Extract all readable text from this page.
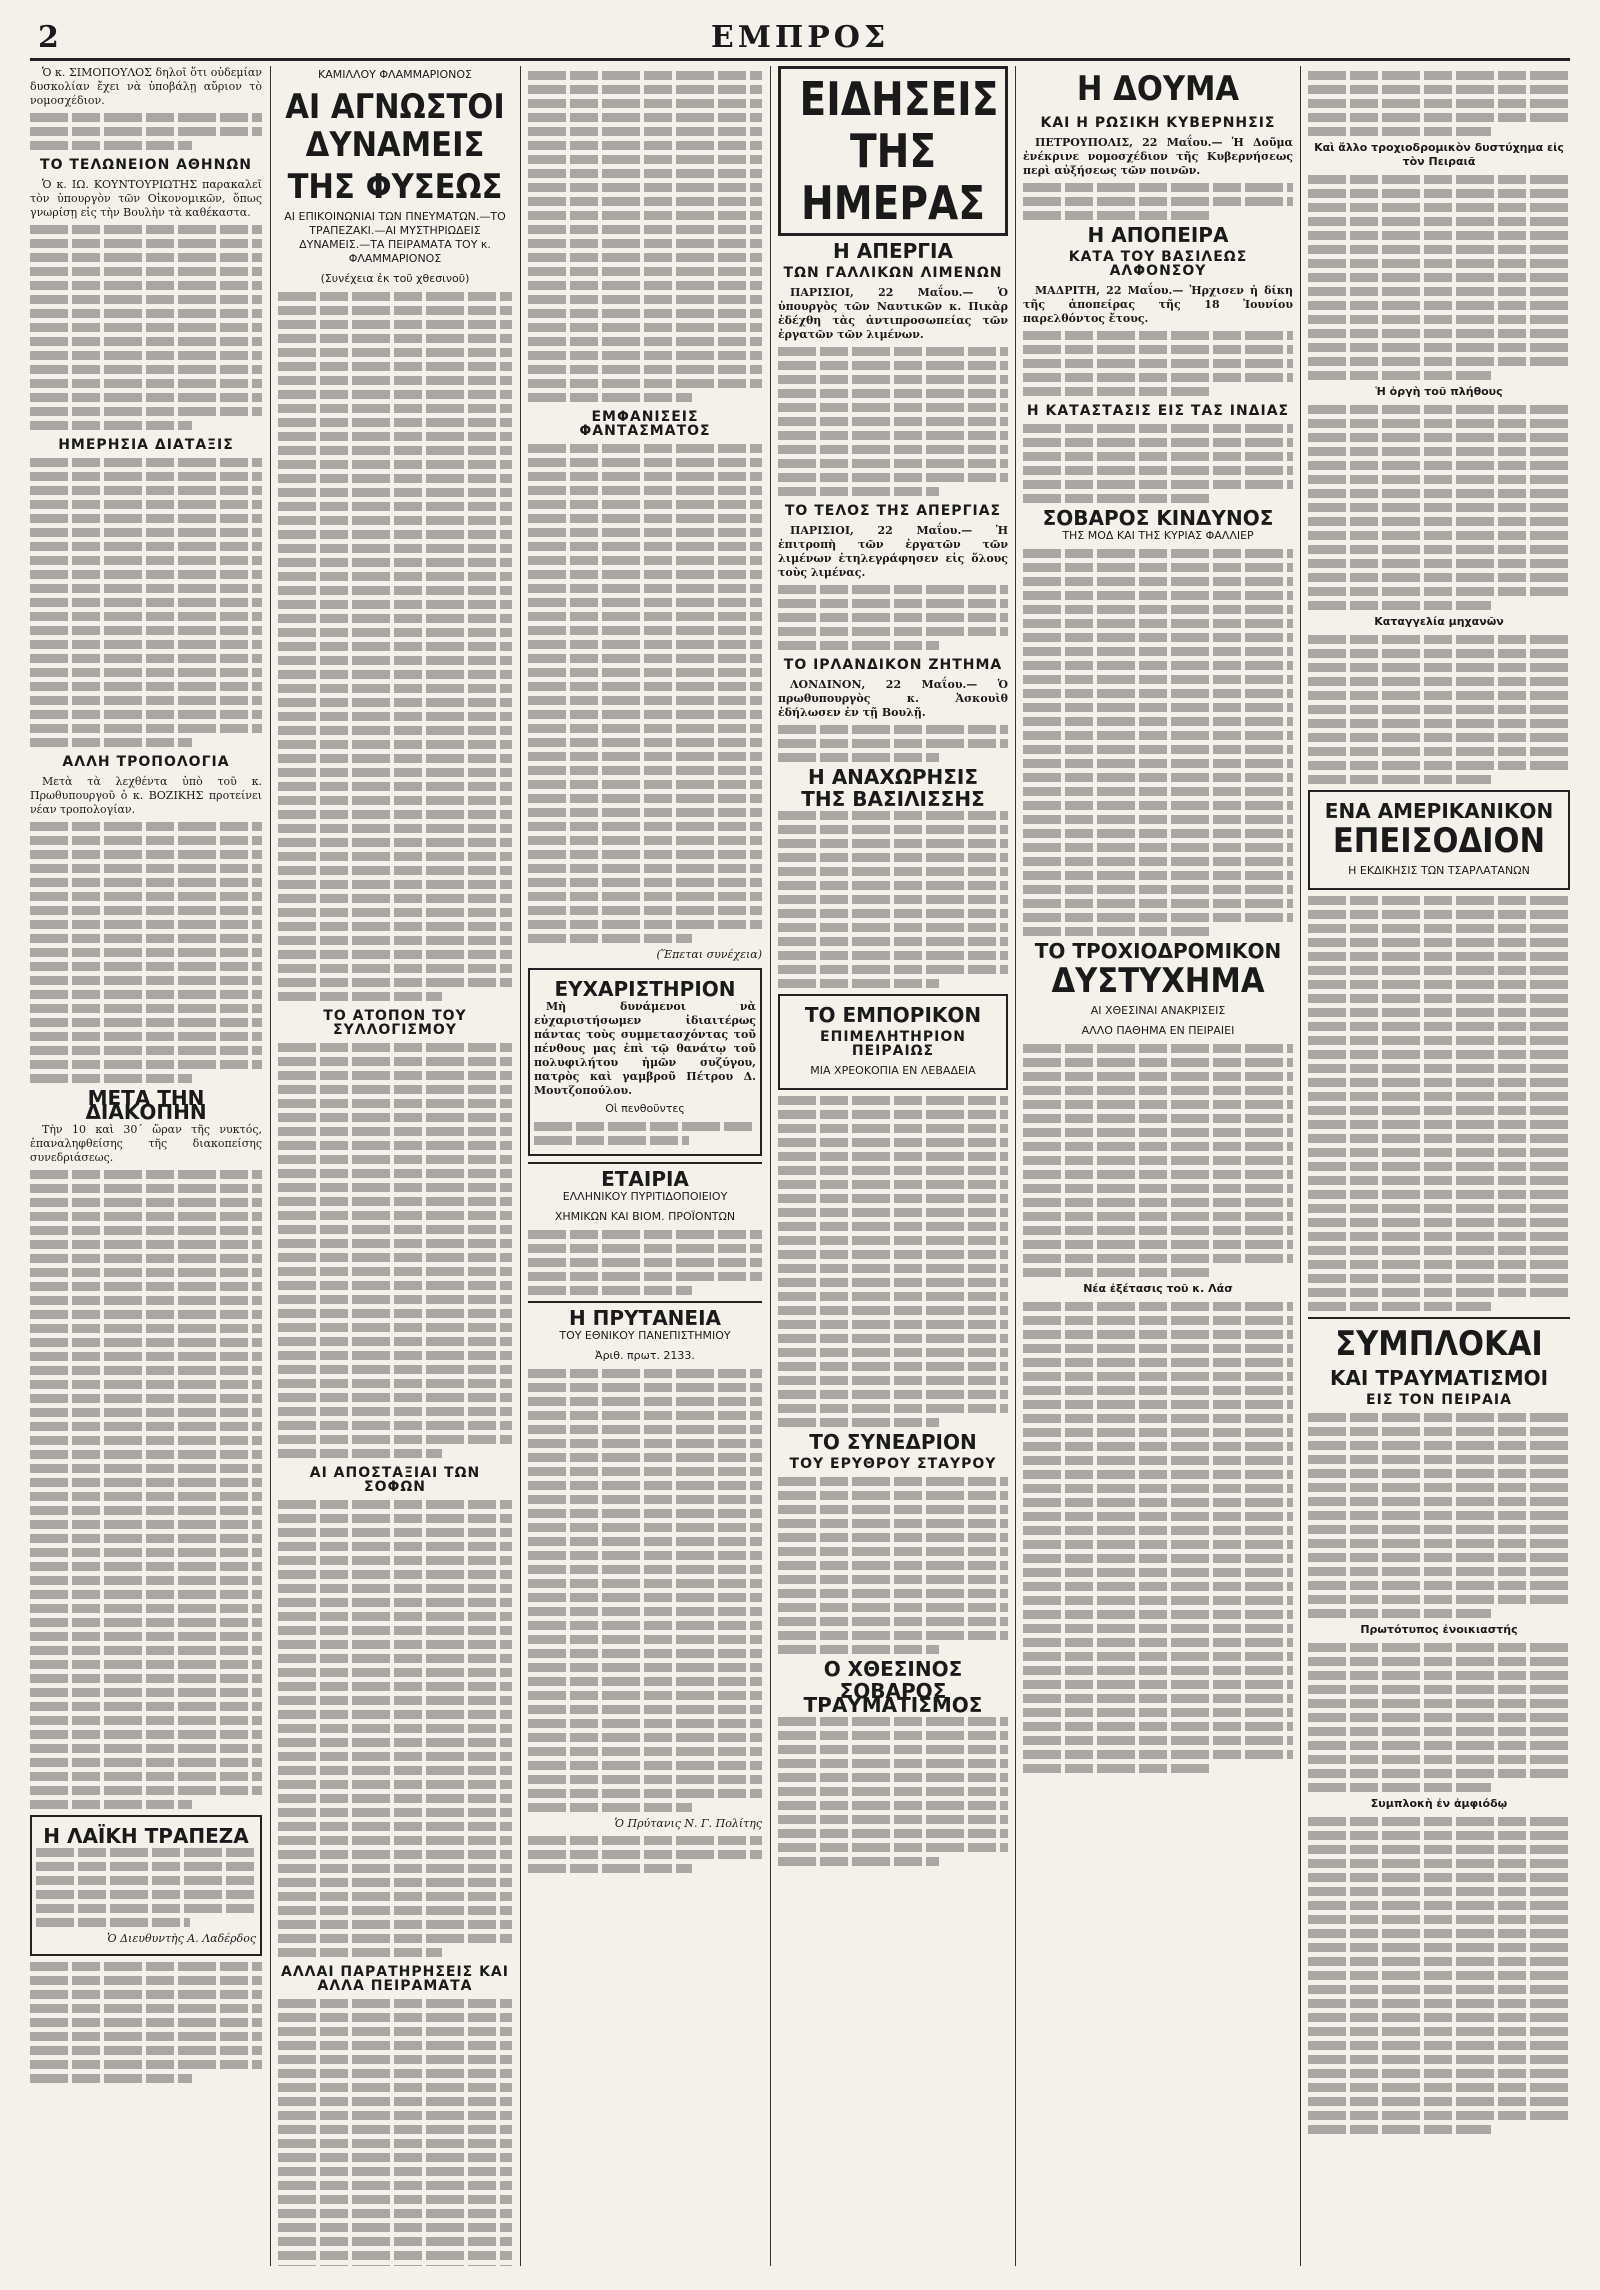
2	ΕΜΠΡΟΣ

Ὁ κ. ΣΙΜΟΠΟΥΛΟΣ δηλοῖ ὅτι οὐδεμίαν δυσκολίαν ἔχει νὰ ὑποβάλῃ αὔριον τὸ νομοσχέδιον.

ΤΟ ΤΕΛΩΝΕΙΟΝ ΑΘΗΝΩΝ

Ὁ κ. ΙΩ. ΚΟΥΝΤΟΥΡΙΩΤΗΣ παρακαλεῖ τὸν ὑπουργὸν τῶν Οἰκονομικῶν, ὅπως γνωρίσῃ εἰς τὴν Βουλὴν τὰ καθέκαστα.

ΗΜΕΡΗΣΙΑ ΔΙΑΤΑΞΙΣ
ΑΛΛΗ ΤΡΟΠΟΛΟΓΙΑ

Μετὰ τὰ λεχθέντα ὑπὸ τοῦ κ. Πρωθυπουργοῦ ὁ κ. ΒΟΖΙΚΗΣ προτείνει νέαν τροπολογίαν.

ΜΕΤΑ ΤΗΝ ΔΙΑΚΟΠΗΝ

Τὴν 10 καὶ 30΄ ὥραν τῆς νυκτός, ἐπαναληφθείσης τῆς διακοπείσης συνεδριάσεως.

Η ΛΑΪΚΗ ΤΡΑΠΕΖΑ
Ὁ Διευθυντὴς Α. Λαδέρδος
ΚΑΜΙΛΛΟΥ ΦΛΑΜΜΑΡΙΟΝΟΣ
ΑΙ ΑΓΝΩΣΤΟΙ ΔΥΝΑΜΕΙΣ
ΤΗΣ ΦΥΣΕΩΣ
ΑΙ ΕΠΙΚΟΙΝΩΝΙΑΙ ΤΩΝ ΠΝΕΥΜΑΤΩΝ.—ΤΟ ΤΡΑΠΕΖΑΚΙ.—ΑΙ ΜΥΣΤΗΡΙΩΔΕΙΣ ΔΥΝΑΜΕΙΣ.—ΤΑ ΠΕΙΡΑΜΑΤΑ ΤΟΥ κ. ΦΛΑΜΜΑΡΙΟΝΟΣ
(Συνέχεια ἐκ τοῦ χθεσινοῦ)
ΤΟ ΑΤΟΠΟΝ ΤΟΥ ΣΥΛΛΟΓΙΣΜΟΥ
ΑΙ ΑΠΟΣΤΑΞΙΑΙ ΤΩΝ ΣΟΦΩΝ
ΑΛΛΑΙ ΠΑΡΑΤΗΡΗΣΕΙΣ ΚΑΙ ΑΛΛΑ ΠΕΙΡΑΜΑΤΑ
ΕΜΦΑΝΙΣΕΙΣ ΦΑΝΤΑΣΜΑΤΟΣ
(Ἕπεται συνέχεια)
ΕΥΧΑΡΙΣΤΗΡΙΟΝ

Μὴ δυνάμενοι νὰ εὐχαριστήσωμεν ἰδιαιτέρως πάντας τοὺς συμμετασχόντας τοῦ πένθους μας ἐπὶ τῷ θανάτῳ τοῦ πολυφιλήτου ἡμῶν συζύγου, πατρὸς καὶ γαμβροῦ Πέτρου Δ. Μουτζοπούλου.

Οἱ πενθοῦντες
ΕΤΑΙΡΙΑ
ΕΛΛΗΝΙΚΟΥ ΠΥΡΙΤΙΔΟΠΟΙΕΙΟΥ
ΧΗΜΙΚΩΝ ΚΑΙ ΒΙΟΜ. ΠΡΟΪΟΝΤΩΝ
Η ΠΡΥΤΑΝΕΙΑ
ΤΟΥ ΕΘΝΙΚΟΥ ΠΑΝΕΠΙΣΤΗΜΙΟΥ
Ἀριθ. πρωτ. 2133.
Ὁ Πρύτανις Ν. Γ. Πολίτης
ΕΙΔΗΣΕΙΣ ΤΗΣ ΗΜΕΡΑΣ
Η ΑΠΕΡΓΙΑ
ΤΩΝ ΓΑΛΛΙΚΩΝ ΛΙΜΕΝΩΝ

ΠΑΡΙΣΙΟΙ, 22 Μαΐου.— Ὁ ὑπουργὸς τῶν Ναυτικῶν κ. Πικὰρ ἐδέχθη τὰς ἀντιπροσωπείας τῶν ἐργατῶν τῶν λιμένων.

ΤΟ ΤΕΛΟΣ ΤΗΣ ΑΠΕΡΓΙΑΣ

ΠΑΡΙΣΙΟΙ, 22 Μαΐου.— Ἡ ἐπιτροπὴ τῶν ἐργατῶν τῶν λιμένων ἐτηλεγράφησεν εἰς ὅλους τοὺς λιμένας.

ΤΟ ΙΡΛΑΝΔΙΚΟΝ ΖΗΤΗΜΑ

ΛΟΝΔΙΝΟΝ, 22 Μαΐου.— Ὁ πρωθυπουργὸς κ. Ἀσκουὶθ ἐδήλωσεν ἐν τῇ Βουλῇ.

Η ΑΝΑΧΩΡΗΣΙΣ
ΤΗΣ ΒΑΣΙΛΙΣΣΗΣ
ΤΟ ΕΜΠΟΡΙΚΟΝ
ΕΠΙΜΕΛΗΤΗΡΙΟΝ ΠΕΙΡΑΙΩΣ
ΜΙΑ ΧΡΕΟΚΟΠΙΑ ΕΝ ΛΕΒΑΔΕΙΑ
ΤΟ ΣΥΝΕΔΡΙΟΝ
ΤΟΥ ΕΡΥΘΡΟΥ ΣΤΑΥΡΟΥ
Ο ΧΘΕΣΙΝΟΣ
ΣΟΒΑΡΟΣ ΤΡΑΥΜΑΤΙΣΜΟΣ
Η ΔΟΥΜΑ
ΚΑΙ Η ΡΩΣΙΚΗ ΚΥΒΕΡΝΗΣΙΣ

ΠΕΤΡΟΥΠΟΛΙΣ, 22 Μαΐου.— Ἡ Δοῦμα ἐνέκρινε νομοσχέδιον τῆς Κυβερνήσεως περὶ αὐξήσεως τῶν ποινῶν.

Η ΑΠΟΠΕΙΡΑ
ΚΑΤΑ ΤΟΥ ΒΑΣΙΛΕΩΣ ΑΛΦΟΝΣΟΥ

ΜΑΔΡΙΤΗ, 22 Μαΐου.— Ἠρχισεν ἡ δίκη τῆς ἀποπείρας τῆς 18 Ἰουνίου παρελθόντος ἔτους.

Η ΚΑΤΑΣΤΑΣΙΣ ΕΙΣ ΤΑΣ ΙΝΔΙΑΣ
ΣΟΒΑΡΟΣ ΚΙΝΔΥΝΟΣ
ΤΗΣ ΜΟΔ ΚΑΙ ΤΗΣ ΚΥΡΙΑΣ ΦΑΛΛΙΕΡ
ΤΟ ΤΡΟΧΙΟΔΡΟΜΙΚΟΝ
ΔΥΣΤΥΧΗΜΑ
ΑΙ ΧΘΕΣΙΝΑΙ ΑΝΑΚΡΙΣΕΙΣ
ΑΛΛΟ ΠΑΘΗΜΑ ΕΝ ΠΕΙΡΑΙΕΙ
Νέα ἐξέτασις τοῦ κ. Λάσ
Καὶ ἄλλο τροχιοδρομικὸν δυστύχημα εἰς τὸν Πειραιᾶ
Ἡ ὀργὴ τοῦ πλήθους
Καταγγελία μηχανῶν
ΕΝΑ ΑΜΕΡΙΚΑΝΙΚΟΝ
ΕΠΕΙΣΟΔΙΟΝ
Η ΕΚΔΙΚΗΣΙΣ ΤΩΝ ΤΣΑΡΛΑΤΑΝΩΝ
ΣΥΜΠΛΟΚΑΙ
ΚΑΙ ΤΡΑΥΜΑΤΙΣΜΟΙ
ΕΙΣ ΤΟΝ ΠΕΙΡΑΙΑ
Πρωτότυπος ἐνοικιαστής
Συμπλοκὴ ἐν ἀμφιόδῳ
